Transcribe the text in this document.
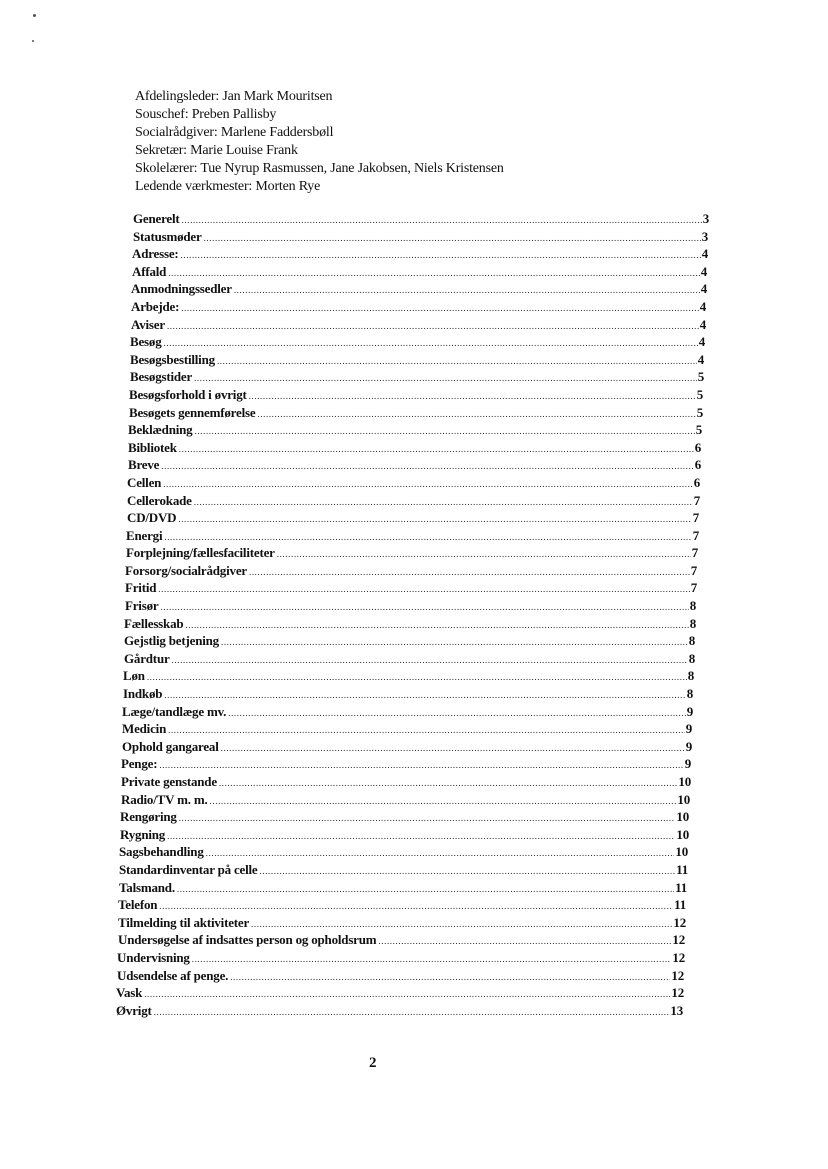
Afdelingsleder: Jan Mark Mouritsen
Souschef: Preben Pallisby
Socialrådgiver: Marlene Faddersbøll
Sekretær: Marie Louise Frank
Skolelærer: Tue Nyrup Rasmussen, Jane Jakobsen, Niels Kristensen
Ledende værkmester: Morten Rye
Generelt .....	3
Statusmøder .....	3
Adresse: .....	4
Affald .....	4
Anmodningssedler .....	4
Arbejde: .....	4
Aviser .....	4
Besøg .....	4
Besøgsbestilling .....	4
Besøgstider .....	5
Besøgsforhold i øvrigt .....	5
Besøgets gennemførelse .....	5
Beklædning .....	5
Bibliotek .....	6
Breve .....	6
Cellen .....	6
Cellerokade .....	7
CD/DVD .....	7
Energi .....	7
Forplejning/fællesfaciliteter .....	7
Forsorg/socialrådgiver .....	7
Fritid .....	7
Frisør .....	8
Fællesskab .....	8
Gejstlig betjening .....	8
Gårdtur .....	8
Løn .....	8
Indkøb .....	8
Læge/tandlæge mv. .....	9
Medicin .....	9
Ophold gangareal .....	9
Penge: .....	9
Private genstande .....	10
Radio/TV m. m. .....	10
Rengøring .....	10
Rygning .....	10
Sagsbehandling .....	10
Standardinventar på celle .....	11
Talsmand. .....	11
Telefon .....	11
Tilmelding til aktiviteter .....	12
Undersøgelse af indsattes person og opholdsrum .....	12
Undervisning .....	12
Udsendelse af penge. .....	12
Vask .....	12
Øvrigt .....	13
2
